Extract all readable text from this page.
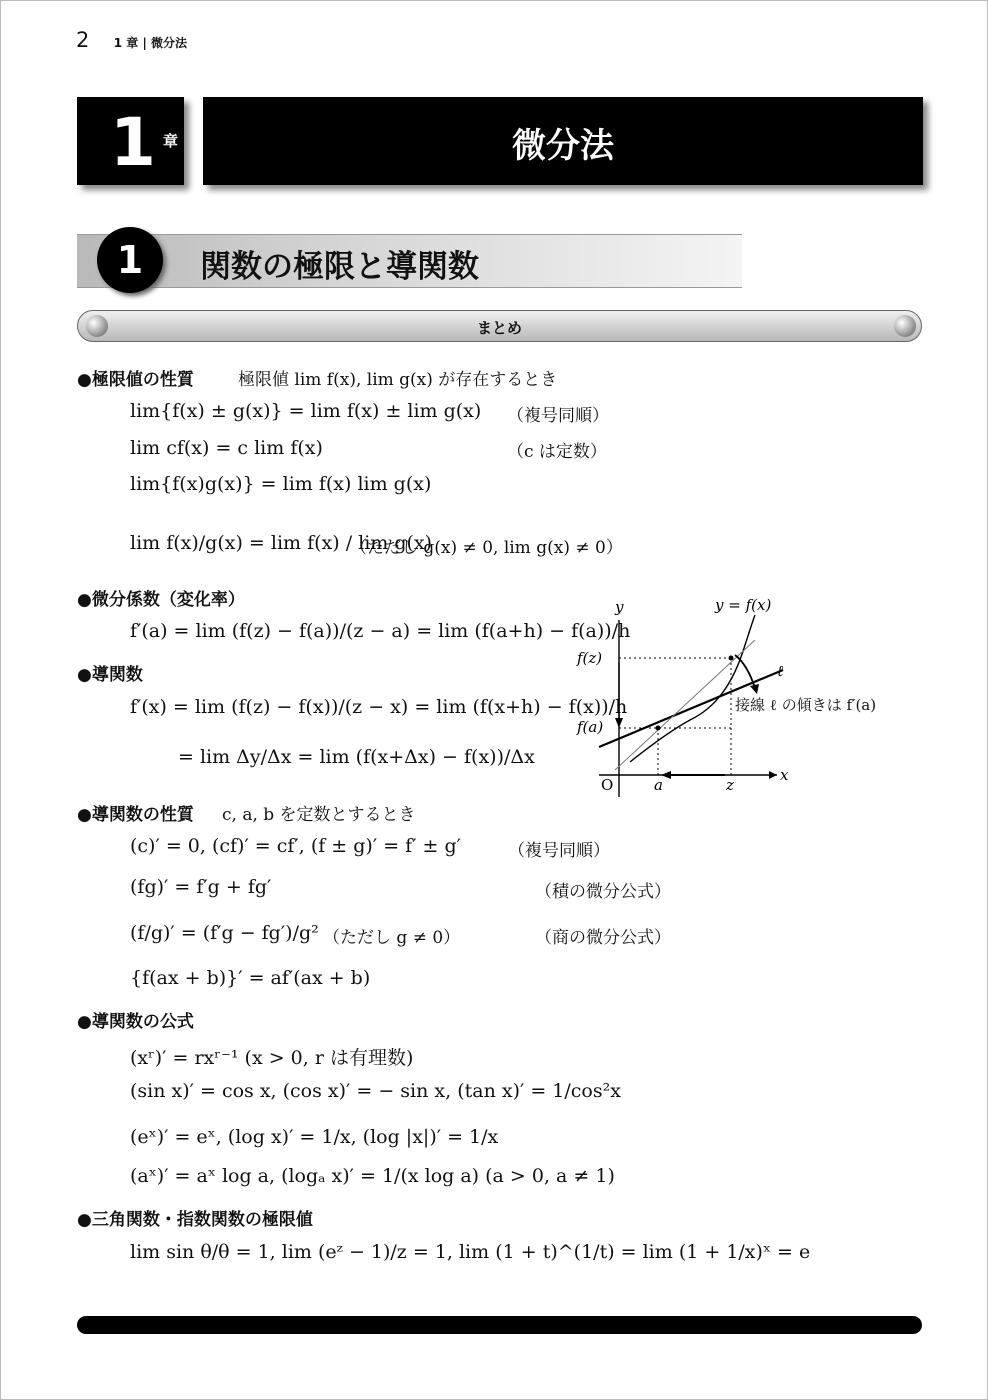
2 1 章 | 微分法
1 章	微分法
1	関数の極限と導関数
まとめ
●極限値の性質	極限値 lim f(x), lim g(x) が存在するとき
lim{f(x) ± g(x)} = lim f(x) ± lim g(x) （複号同順）
lim cf(x) = c lim f(x)	（c は定数）
lim{f(x)g(x)} = lim f(x) lim g(x)
lim f(x)/g(x) = lim f(x) / lim g(x)
（ただし g(x) ≠ 0, lim g(x) ≠ 0）
●微分係数（変化率）
f′(a) = lim (f(z) − f(a))/(z − a) = lim (f(a+h) − f(a))/h
●導関数
f′(x) = lim (f(z) − f(x))/(z − x) = lim (f(x+h) − f(x))/h
= lim Δy/Δx = lim (f(x+Δx) − f(x))/Δx
y
x
O
y = f(x)
ℓ
f(z)
f(a)
a	z
接線 ℓ の傾きは f′(a)
●導関数の性質 c, a, b を定数とするとき
(c)′ = 0, (cf)′ = cf′, (f ± g)′ = f′ ± g′	（複号同順）
(fg)′ = f′g + fg′	（積の微分公式）
(f/g)′ = (f′g − fg′)/g² （ただし g ≠ 0）	（商の微分公式）
{f(ax + b)}′ = af′(ax + b)
●導関数の公式
(xʳ)′ = rxʳ⁻¹ (x > 0, r は有理数)
(sin x)′ = cos x, (cos x)′ = − sin x, (tan x)′ = 1/cos²x
(eˣ)′ = eˣ, (log x)′ = 1/x, (log |x|)′ = 1/x
(aˣ)′ = aˣ log a, (logₐ x)′ = 1/(x log a) (a > 0, a ≠ 1)
●三角関数・指数関数の極限値
lim sin θ/θ = 1, lim (eᶻ − 1)/z = 1, lim (1 + t)^(1/t) = lim (1 + 1/x)ˣ = e
